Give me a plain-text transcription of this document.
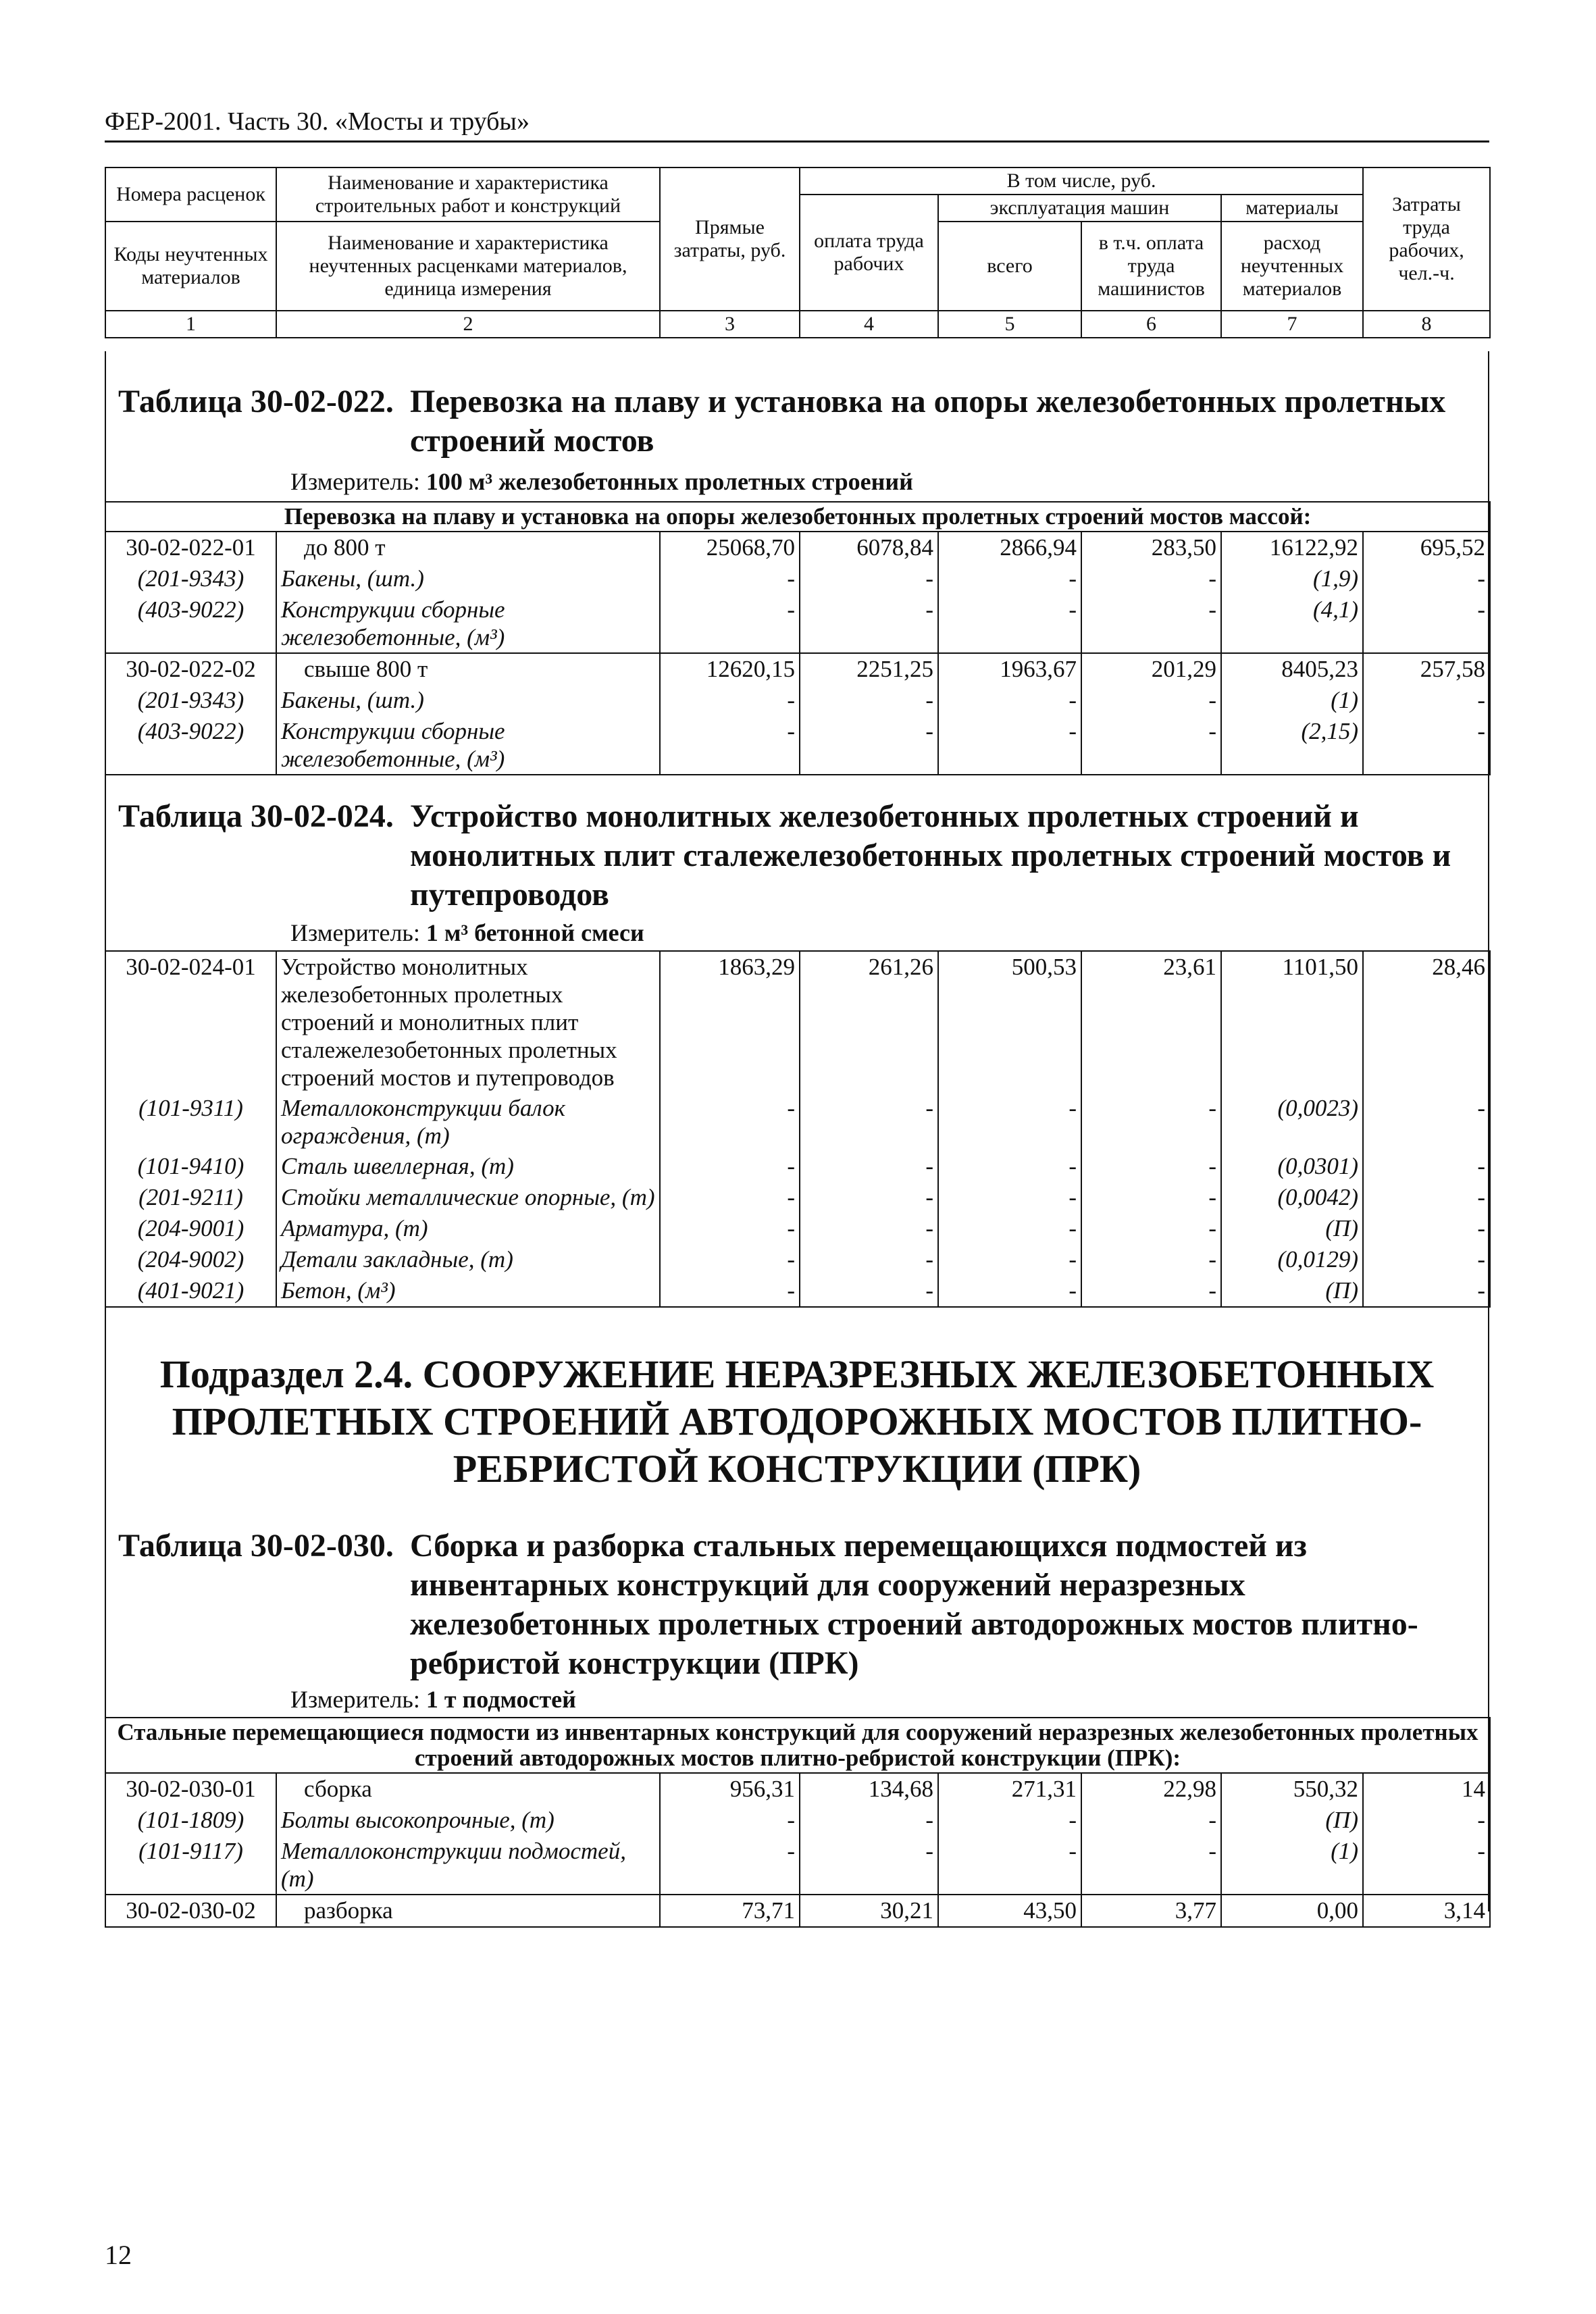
ФЕР-2001. Часть 30. «Мосты и трубы»
Номера расценок	Наименование и характеристика строительных работ и конструкций	Прямые затраты, руб.	В том числе, руб.				Затраты труда рабочих, чел.-ч.
			оплата труда рабочих	эксплуатация машин		материалы	
Коды неучтенных материалов	Наименование и характеристика неучтенных расценками материалов, единица измерения			всего	в т.ч. оплата труда машинистов	расход неучтенных материалов	

1	2	3	4	5	6	7	8
Таблица 30-02-022. Перевозка на плаву и установка на опоры железобетонных пролетных строений мостов
Измеритель: 100 м³ железобетонных пролетных строений
Перевозка на плаву и установка на опоры железобетонных пролетных строений мостов массой:							
30-02-022-01	до 800 т	25068,70	6078,84	2866,94	283,50	16122,92	695,52
(201-9343)	Бакены, (шт.)	-	-	-	-	(1,9)	-
(403-9022)	Конструкции сборные железобетонные, (м³)	-	-	-	-	(4,1)	-
30-02-022-02	свыше 800 т	12620,15	2251,25	1963,67	201,29	8405,23	257,58
(201-9343)	Бакены, (шт.)	-	-	-	-	(1)	-
(403-9022)	Конструкции сборные железобетонные, (м³)	-	-	-	-	(2,15)	-
Таблица 30-02-024. Устройство монолитных железобетонных пролетных строений и монолитных плит сталежелезобетонных пролетных строений мостов и путепроводов
Измеритель: 1 м³ бетонной смеси
30-02-024-01	Устройство монолитных железобетонных пролетных строений и монолитных плит сталежелезобетонных пролетных строений мостов и путепроводов	1863,29	261,26	500,53	23,61	1101,50	28,46
(101-9311)	Металлоконструкции балок ограждения, (т)	-	-	-	-	(0,0023)	-
(101-9410)	Сталь швеллерная, (т)	-	-	-	-	(0,0301)	-
(201-9211)	Стойки металлические опорные, (т)	-	-	-	-	(0,0042)	-
(204-9001)	Арматура, (т)	-	-	-	-	(П)	-
(204-9002)	Детали закладные, (т)	-	-	-	-	(0,0129)	-
(401-9021)	Бетон, (м³)	-	-	-	-	(П)	-
Подраздел 2.4. СООРУЖЕНИЕ НЕРАЗРЕЗНЫХ ЖЕЛЕЗОБЕТОННЫХ ПРОЛЕТНЫХ СТРОЕНИЙ АВТОДОРОЖНЫХ МОСТОВ ПЛИТНО-РЕБРИСТОЙ КОНСТРУКЦИИ (ПРК)
Таблица 30-02-030. Сборка и разборка стальных перемещающихся подмостей из инвентарных конструкций для сооружений неразрезных железобетонных пролетных строений автодорожных мостов плитно-ребристой конструкции (ПРК)
Измеритель: 1 т подмостей
Стальные перемещающиеся подмости из инвентарных конструкций для сооружений неразрезных железобетонных пролетных строений автодорожных мостов плитно-ребристой конструкции (ПРК):							
30-02-030-01	сборка	956,31	134,68	271,31	22,98	550,32	14
(101-1809)	Болты высокопрочные, (т)	-	-	-	-	(П)	-
(101-9117)	Металлоконструкции подмостей, (т)	-	-	-	-	(1)	-
30-02-030-02	разборка	73,71	30,21	43,50	3,77	0,00	3,14
12
